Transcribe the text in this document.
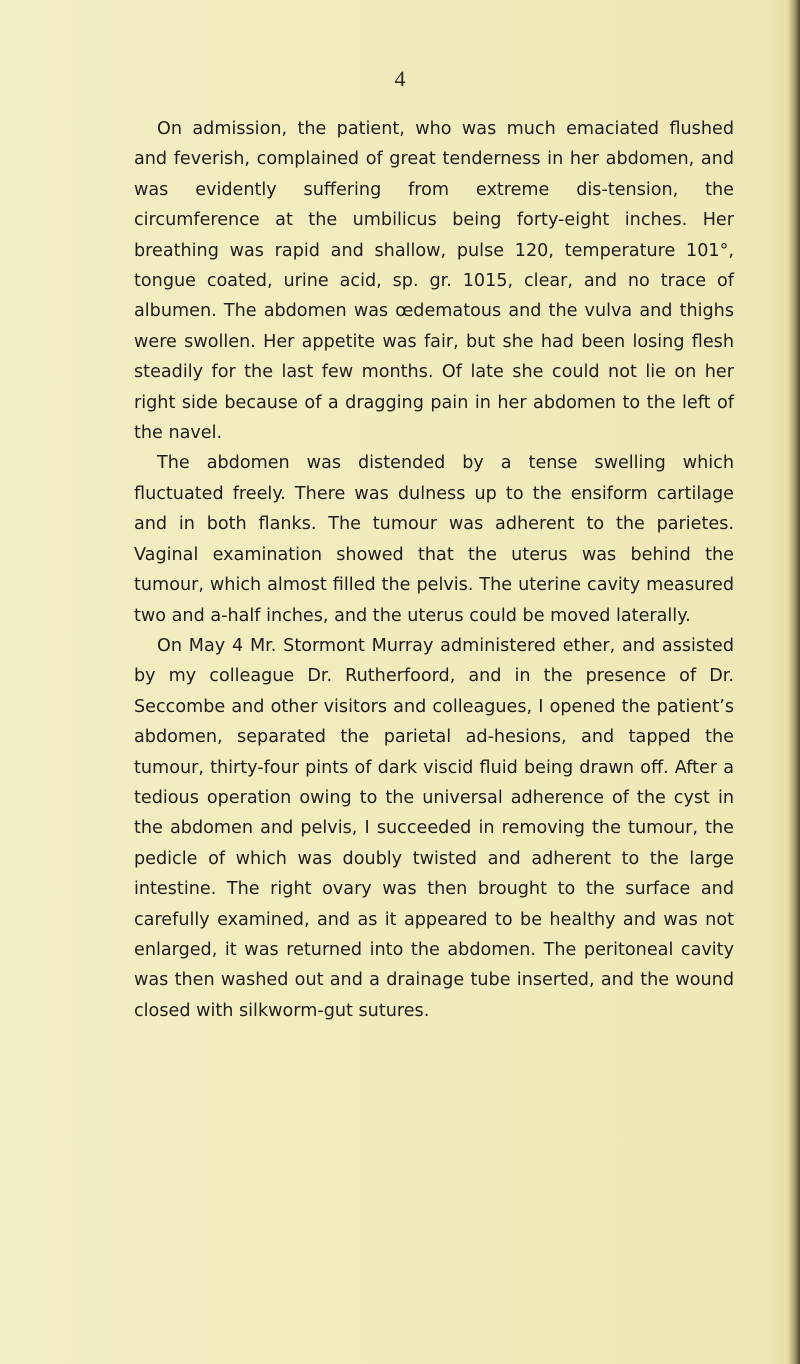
4

On admission, the patient, who was much emaciated flushed and feverish, complained of great tenderness in her abdomen, and was evidently suffering from extreme dis-tension, the circumference at the umbilicus being forty-eight inches. Her breathing was rapid and shallow, pulse 120, temperature 101°, tongue coated, urine acid, sp. gr. 1015, clear, and no trace of albumen. The abdomen was œdematous and the vulva and thighs were swollen. Her appetite was fair, but she had been losing flesh steadily for the last few months. Of late she could not lie on her right side because of a dragging pain in her abdomen to the left of the navel.

The abdomen was distended by a tense swelling which fluctuated freely. There was dulness up to the ensiform cartilage and in both flanks. The tumour was adherent to the parietes. Vaginal examination showed that the uterus was behind the tumour, which almost filled the pelvis. The uterine cavity measured two and a-half inches, and the uterus could be moved laterally.

On May 4 Mr. Stormont Murray administered ether, and assisted by my colleague Dr. Rutherfoord, and in the presence of Dr. Seccombe and other visitors and colleagues, I opened the patient’s abdomen, separated the parietal ad-hesions, and tapped the tumour, thirty-four pints of dark viscid fluid being drawn off. After a tedious operation owing to the universal adherence of the cyst in the abdomen and pelvis, I succeeded in removing the tumour, the pedicle of which was doubly twisted and adherent to the large intestine. The right ovary was then brought to the surface and carefully examined, and as it appeared to be healthy and was not enlarged, it was returned into the abdomen. The peritoneal cavity was then washed out and a drainage tube inserted, and the wound closed with silkworm-gut sutures.
